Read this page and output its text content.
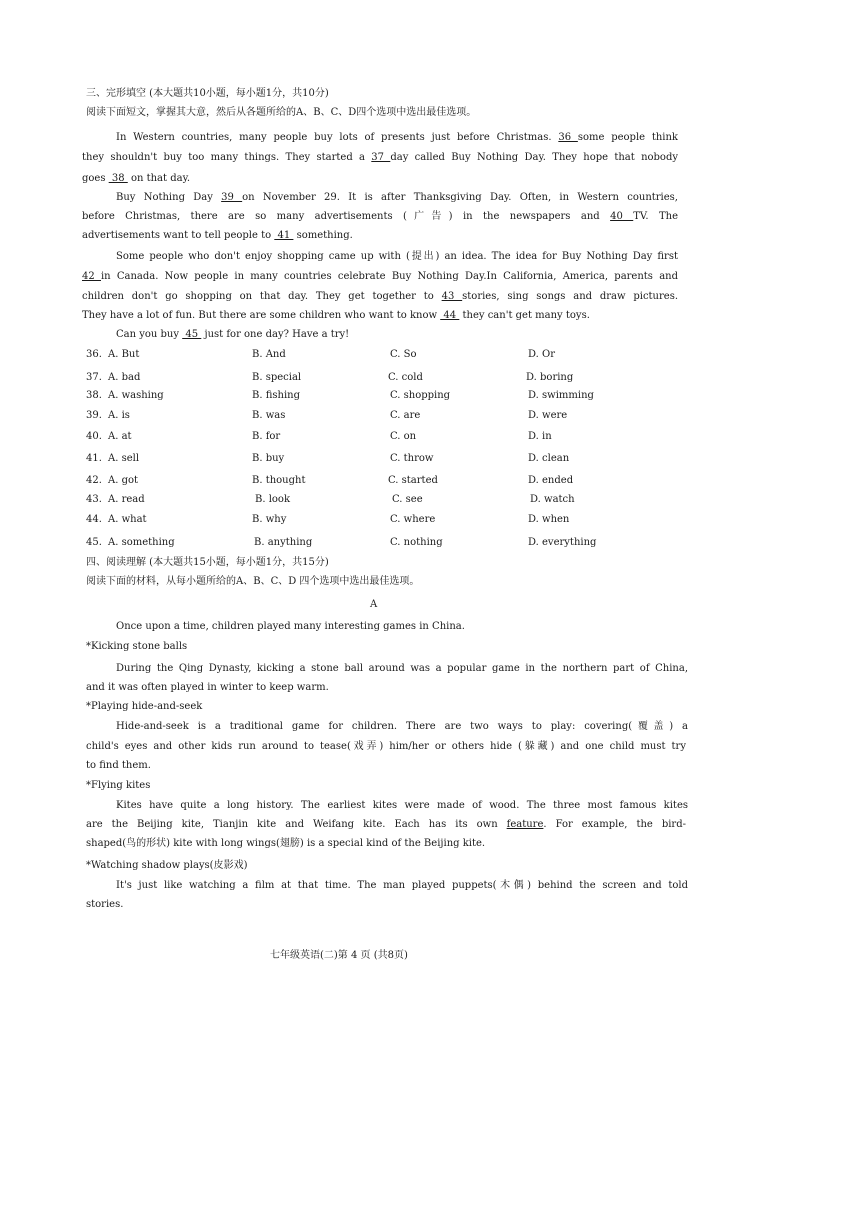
三、完形填空 (本大题共10小题，每小题1分，共10分)
阅读下面短文，掌握其大意，然后从各题所给的A、B、C、D四个选项中选出最佳选项。
In Western countries, many people buy lots of presents just before Christmas. 36 some people think
they shouldn't buy too many things. They started a 37 day called Buy Nothing Day. They hope that nobody
goes  38  on that day.
Buy Nothing Day 39 on November 29. It is after Thanksgiving Day. Often, in Western countries,
before Christmas, there are so many advertisements (广告) in the newspapers and 40 TV. The
advertisements want to tell people to  41  something.
Some people who don't enjoy shopping came up with (提出) an idea. The idea for Buy Nothing Day first
42 in Canada. Now people in many countries celebrate Buy Nothing Day.In California, America, parents and
children don't go shopping on that day. They get together to 43 stories, sing songs and draw pictures.
They have a lot of fun. But there are some children who want to know  44  they can't get many toys.
Can you buy  45  just for one day? Have a try!
36. A. But	B. And	C. So	D. Or
37. A. bad	B. special	C. cold	D. boring
38. A. washing	B. fishing	C. shopping	D. swimming
39. A. is	B. was	C. are	D. were
40. A. at	B. for	C. on	D. in
41. A. sell	B. buy	C. throw	D. clean
42. A. got	B. thought	C. started	D. ended
43. A. read	B. look	C. see	D. watch
44. A. what	B. why	C. where	D. when
45. A. something	B. anything	C. nothing	D. everything
四、阅读理解 (本大题共15小题，每小题1分，共15分)
阅读下面的材料，从每小题所给的A、B、C、D 四个选项中选出最佳选项。
A
Once upon a time, children played many interesting games in China.
*Kicking stone balls
During the Qing Dynasty, kicking a stone ball around was a popular game in the northern part of China,
and it was often played in winter to keep warm.
*Playing hide-and-seek
Hide-and-seek is a traditional game for children. There are two ways to play: covering(覆盖) a
child's eyes and other kids run around to tease(戏弄) him/her or others hide (躲藏) and one child must try
to find them.
*Flying kites
Kites have quite a long history. The earliest kites were made of wood. The three most famous kites
are the Beijing kite, Tianjin kite and Weifang kite. Each has its own feature. For example, the bird-
shaped(鸟的形状) kite with long wings(翅膀) is a special kind of the Beijing kite.
*Watching shadow plays(皮影戏)
It's just like watching a film at that time. The man played puppets(木偶) behind the screen and told
stories.
七年级英语(二)第 4 页 (共8页)
